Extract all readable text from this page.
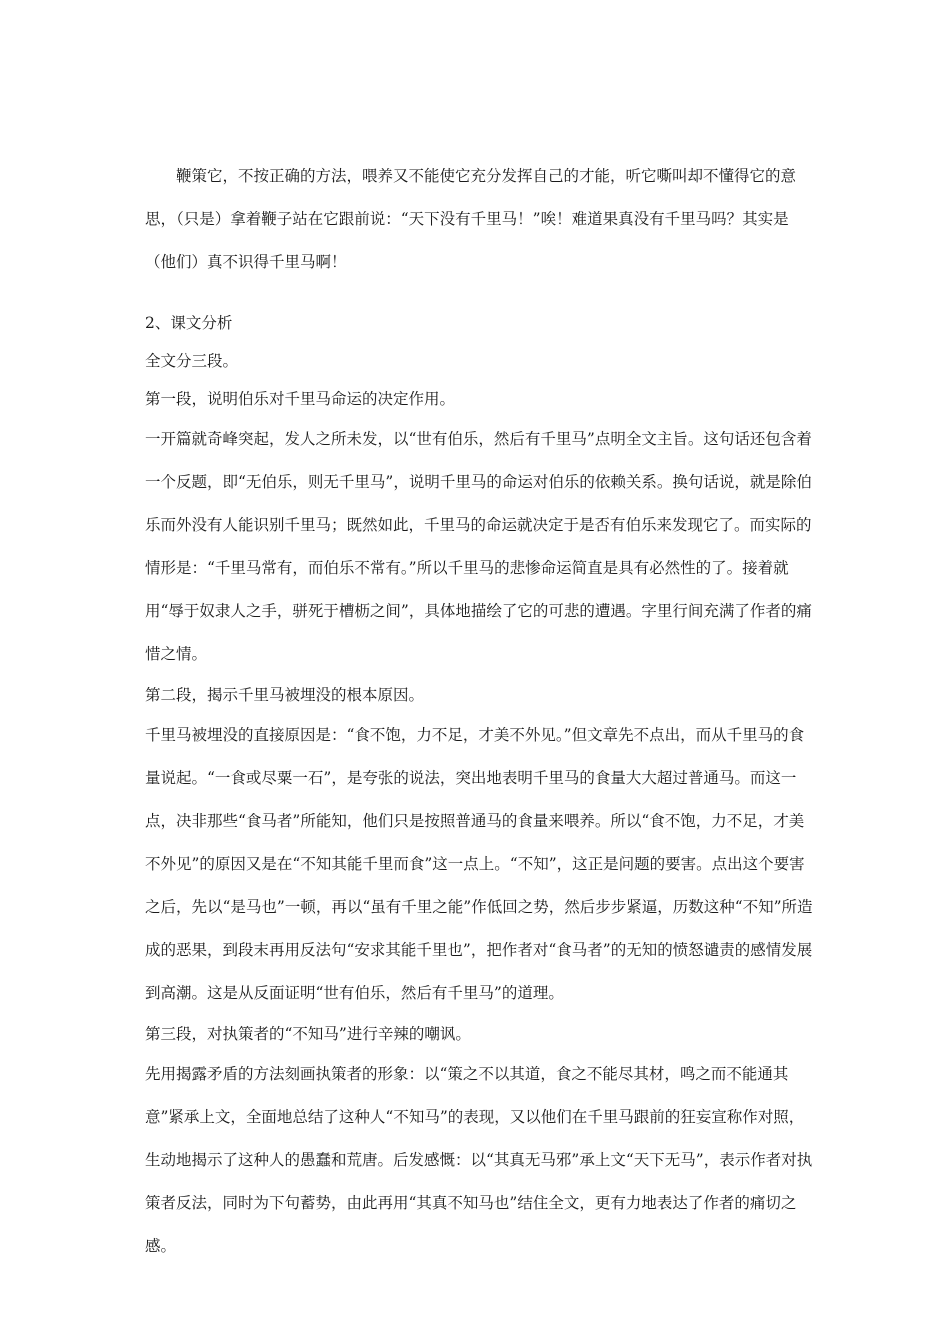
鞭策它，不按正确的方法，喂养又不能使它充分发挥自己的才能，听它嘶叫却不懂得它的意思，（只是）拿着鞭子站在它跟前说：“天下没有千里马！”唉！难道果真没有千里马吗？其实是（他们）真不识得千里马啊！

2、课文分析

全文分三段。

第一段，说明伯乐对千里马命运的决定作用。

一开篇就奇峰突起，发人之所未发，以“世有伯乐，然后有千里马”点明全文主旨。这句话还包含着一个反题，即“无伯乐，则无千里马”，说明千里马的命运对伯乐的依赖关系。换句话说，就是除伯乐而外没有人能识别千里马；既然如此，千里马的命运就决定于是否有伯乐来发现它了。而实际的情形是：“千里马常有，而伯乐不常有。”所以千里马的悲惨命运简直是具有必然性的了。接着就用“辱于奴隶人之手，骈死于槽枥之间”，具体地描绘了它的可悲的遭遇。字里行间充满了作者的痛惜之情。

第二段，揭示千里马被埋没的根本原因。

千里马被埋没的直接原因是：“食不饱，力不足，才美不外见。”但文章先不点出，而从千里马的食量说起。“一食或尽粟一石”，是夸张的说法，突出地表明千里马的食量大大超过普通马。而这一点，决非那些“食马者”所能知，他们只是按照普通马的食量来喂养。所以“食不饱，力不足，才美不外见”的原因又是在“不知其能千里而食”这一点上。“不知”，这正是问题的要害。点出这个要害之后，先以“是马也”一顿，再以“虽有千里之能”作低回之势，然后步步紧逼，历数这种“不知”所造成的恶果，到段末再用反法句“安求其能千里也”，把作者对“食马者”的无知的愤怒谴责的感情发展到高潮。这是从反面证明“世有伯乐，然后有千里马”的道理。

第三段，对执策者的“不知马”进行辛辣的嘲讽。

先用揭露矛盾的方法刻画执策者的形象：以“策之不以其道，食之不能尽其材，鸣之而不能通其意”紧承上文，全面地总结了这种人“不知马”的表现，又以他们在千里马跟前的狂妄宣称作对照，生动地揭示了这种人的愚蠢和荒唐。后发感慨：以“其真无马邪”承上文“天下无马”，表示作者对执策者反法，同时为下句蓄势，由此再用“其真不知马也”结住全文，更有力地表达了作者的痛切之感。
